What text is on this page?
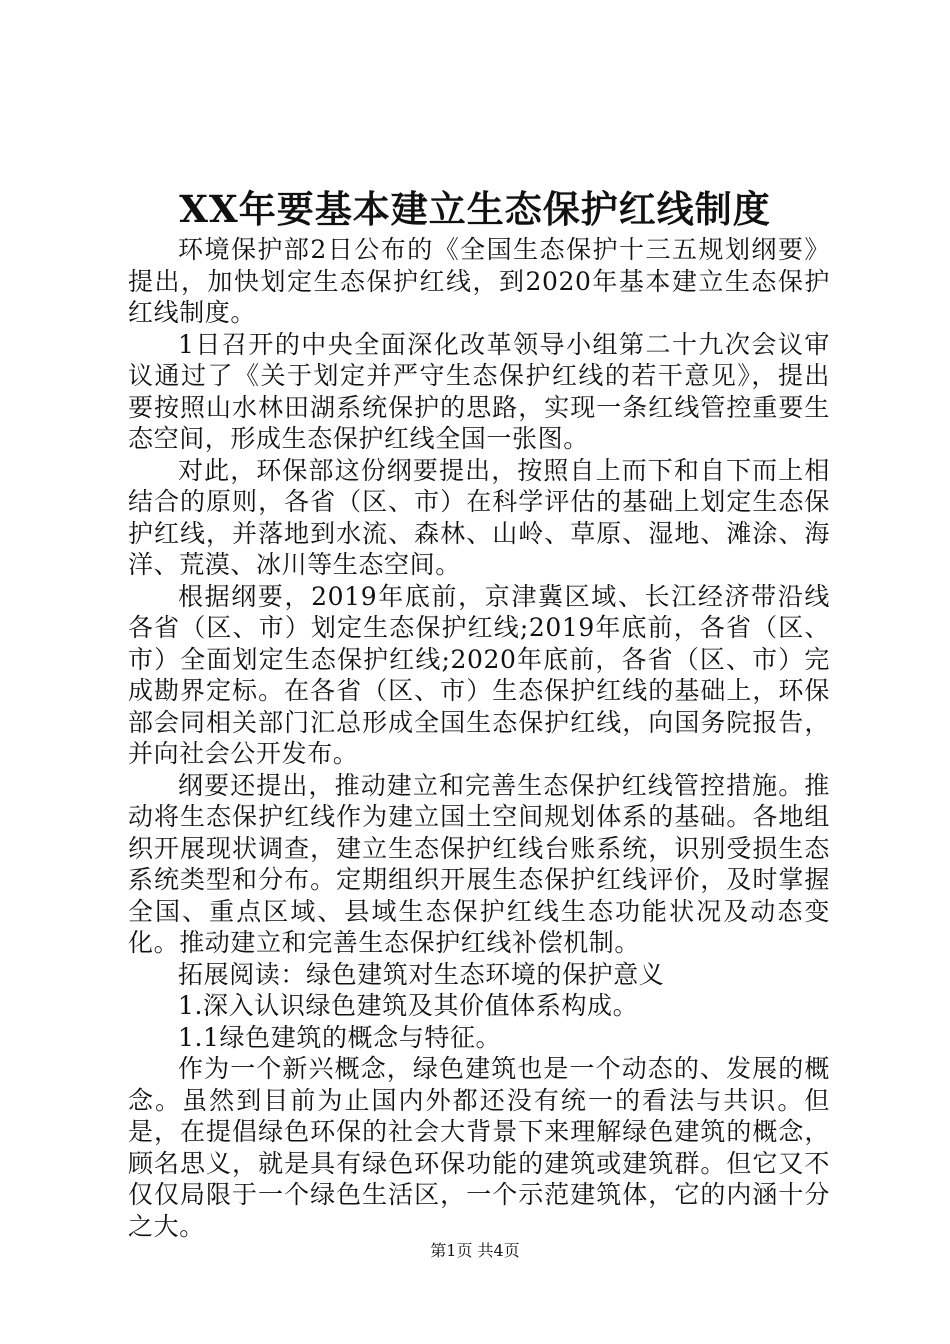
XX年要基本建立生态保护红线制度

环境保护部2日公布的《全国生态保护十三五规划纲要》提出，加快划定生态保护红线，到2020年基本建立生态保护红线制度。

1日召开的中央全面深化改革领导小组第二十九次会议审议通过了《关于划定并严守生态保护红线的若干意见》，提出要按照山水林田湖系统保护的思路，实现一条红线管控重要生态空间，形成生态保护红线全国一张图。

对此，环保部这份纲要提出，按照自上而下和自下而上相结合的原则，各省（区、市）在科学评估的基础上划定生态保护红线，并落地到水流、森林、山岭、草原、湿地、滩涂、海洋、荒漠、冰川等生态空间。

根据纲要，2019年底前，京津冀区域、长江经济带沿线各省（区、市）划定生态保护红线;2019年底前，各省（区、市）全面划定生态保护红线;2020年底前，各省（区、市）完成勘界定标。在各省（区、市）生态保护红线的基础上，环保部会同相关部门汇总形成全国生态保护红线，向国务院报告，并向社会公开发布。

纲要还提出，推动建立和完善生态保护红线管控措施。推动将生态保护红线作为建立国土空间规划体系的基础。各地组织开展现状调查，建立生态保护红线台账系统，识别受损生态系统类型和分布。定期组织开展生态保护红线评价，及时掌握全国、重点区域、县域生态保护红线生态功能状况及动态变化。推动建立和完善生态保护红线补偿机制。

拓展阅读：绿色建筑对生态环境的保护意义

1.深入认识绿色建筑及其价值体系构成。

1.1绿色建筑的概念与特征。

作为一个新兴概念，绿色建筑也是一个动态的、发展的概念。虽然到目前为止国内外都还没有统一的看法与共识。但是，在提倡绿色环保的社会大背景下来理解绿色建筑的概念，顾名思义，就是具有绿色环保功能的建筑或建筑群。但它又不仅仅局限于一个绿色生活区，一个示范建筑体，它的内涵十分之大。

第1页 共4页
